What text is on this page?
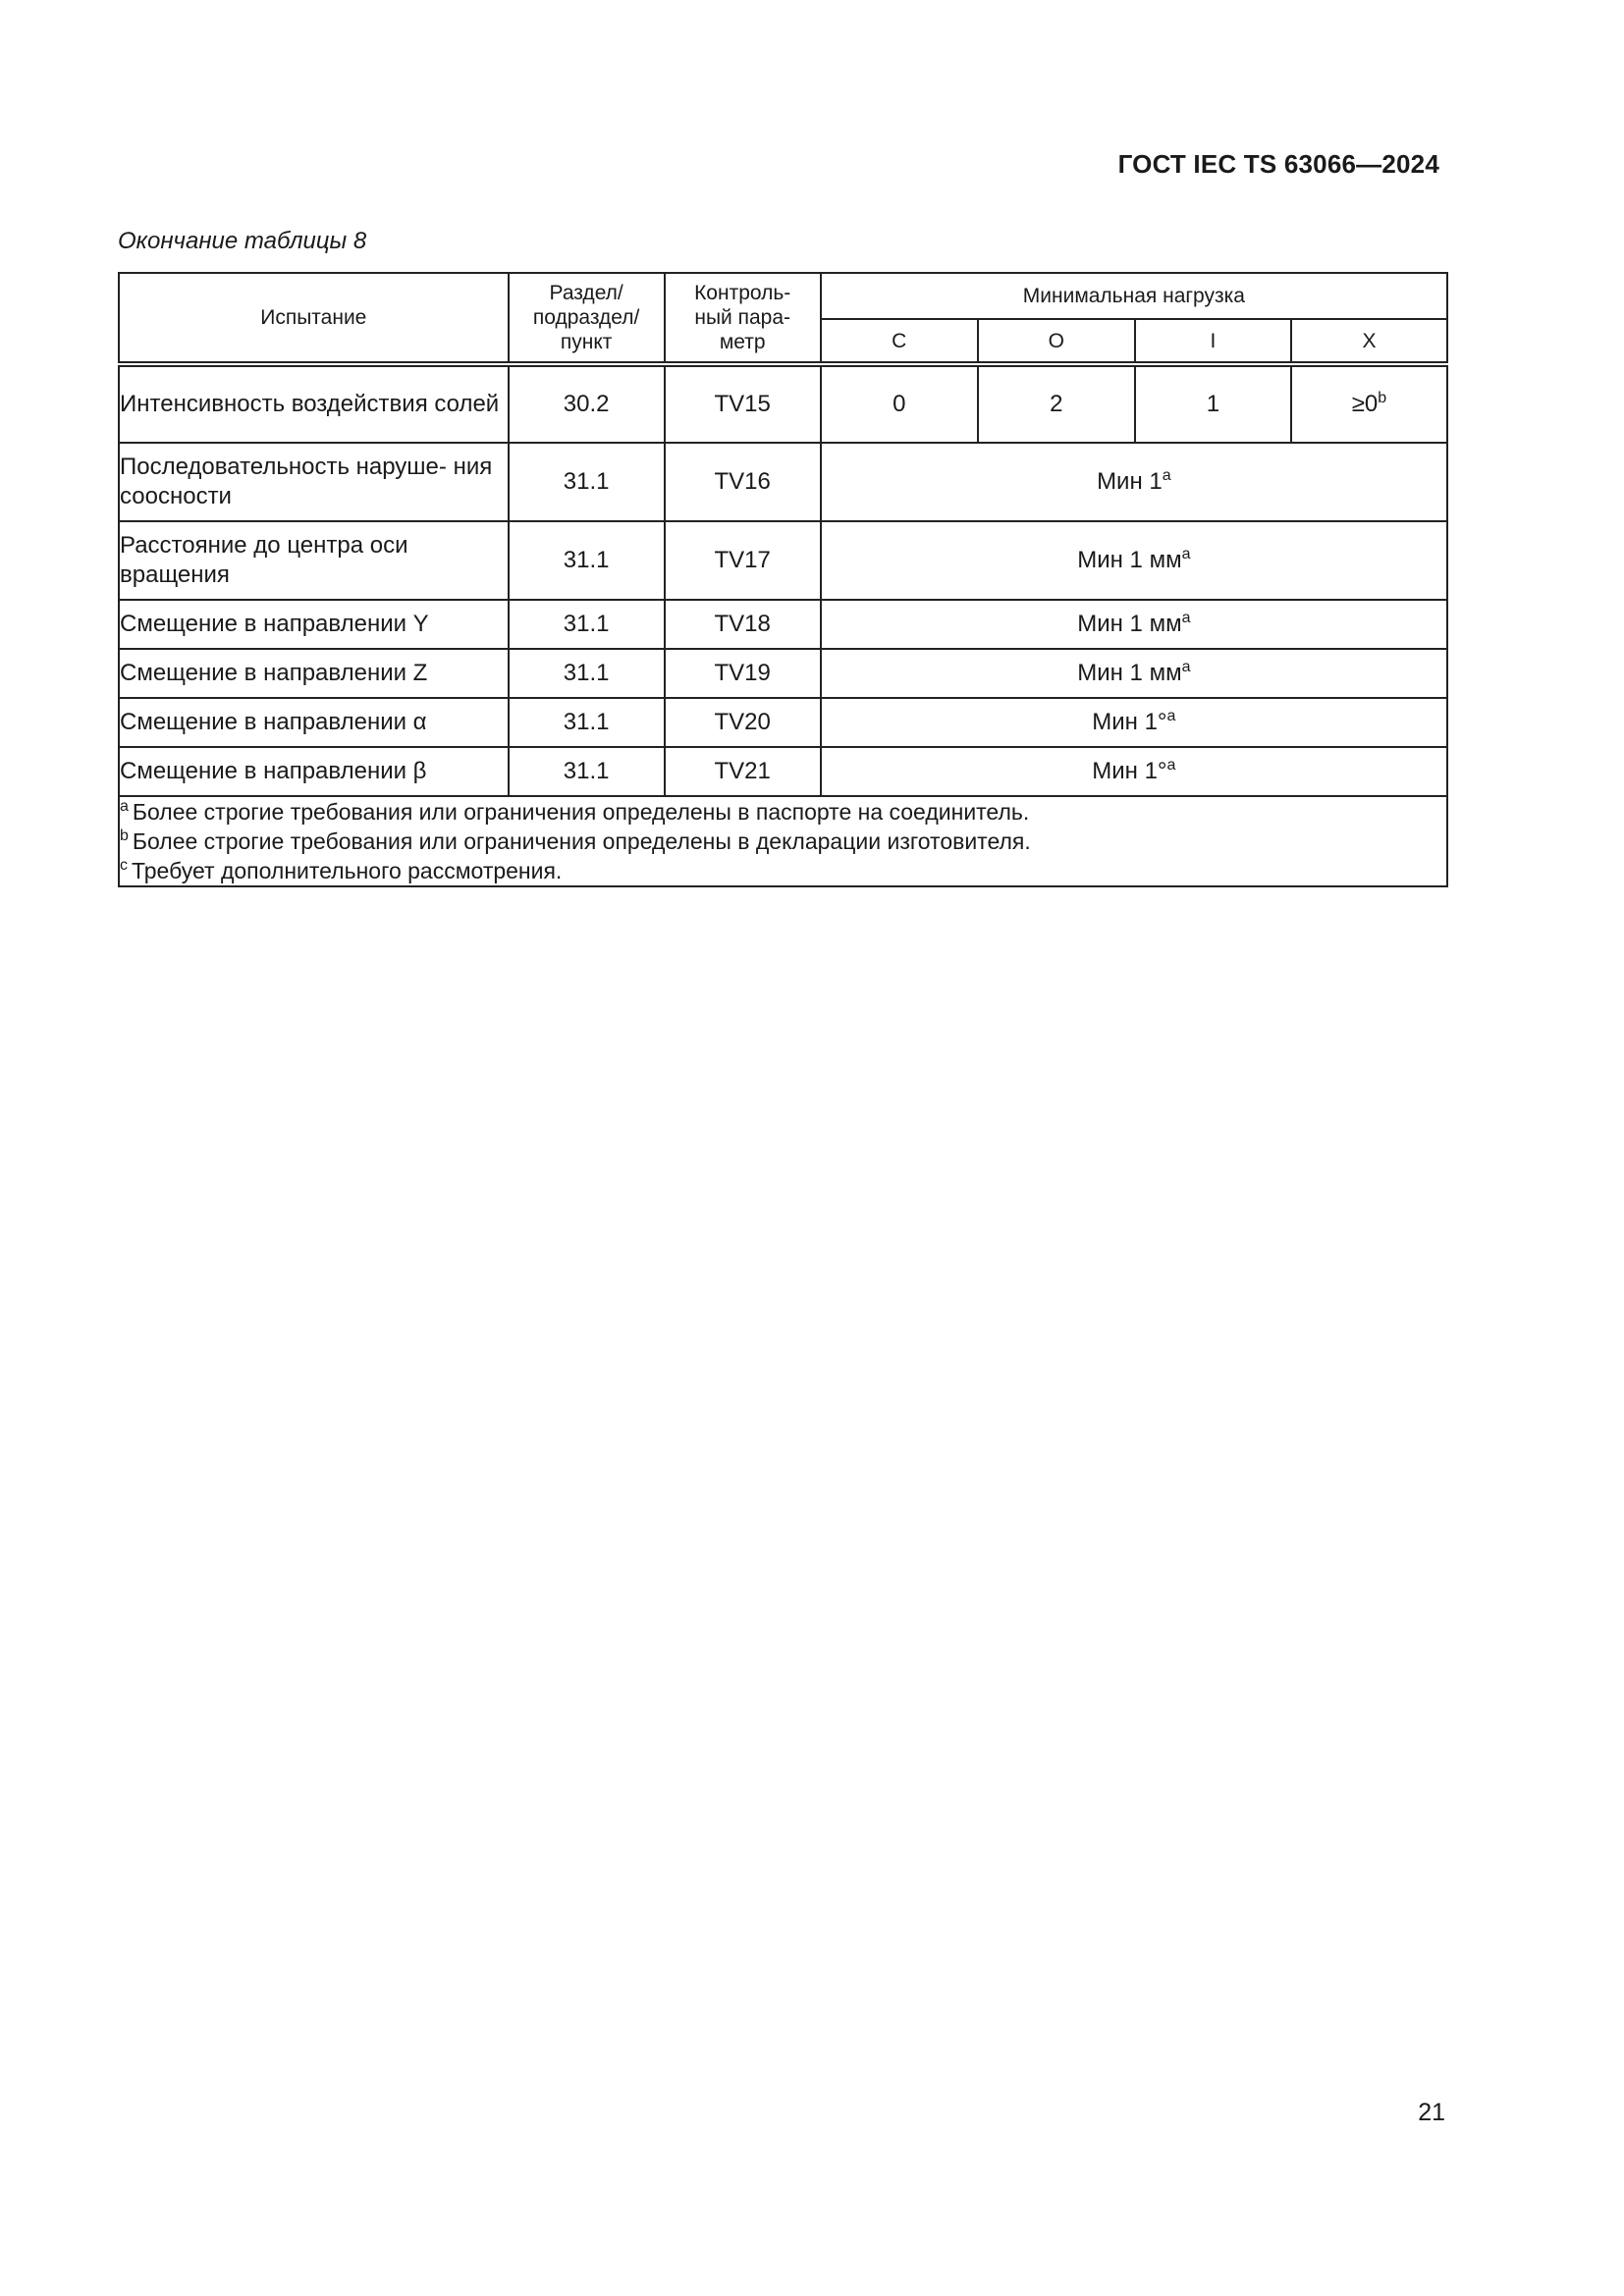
ГОСТ IEC TS 63066—2024
Окончание таблицы 8
Испытание	Раздел/ подраздел/ пункт	Контроль- ный пара- метр	Минимальная нагрузка			
			C	O	I	X
Интенсивность воздействия солей	30.2	TV15	0	2	1	$\ge 0^b$
Последовательность наруше- ния соосности	31.1	TV16	Мин 1$^a$
Расстояние до центра оси вращения	31.1	TV17	Мин 1 $мм^a$
Смещение в направлении Y	31.1	TV18	Мин 1 $мм^a$
Смещение в направлении Z	31.1	TV19	Мин 1 $мм^a$
Смещение в направлении α	31.1	TV20	Мин 1°$^a$
Смещение в направлении β	31.1	TV21	Мин 1°$^a$

$^a$ Более строгие требования или ограничения определены в паспорте на соединитель.
$^b$ Более строгие требования или ограничения определены в декларации изготовителя.
$^c$ Требует дополнительного рассмотрения.						
21
